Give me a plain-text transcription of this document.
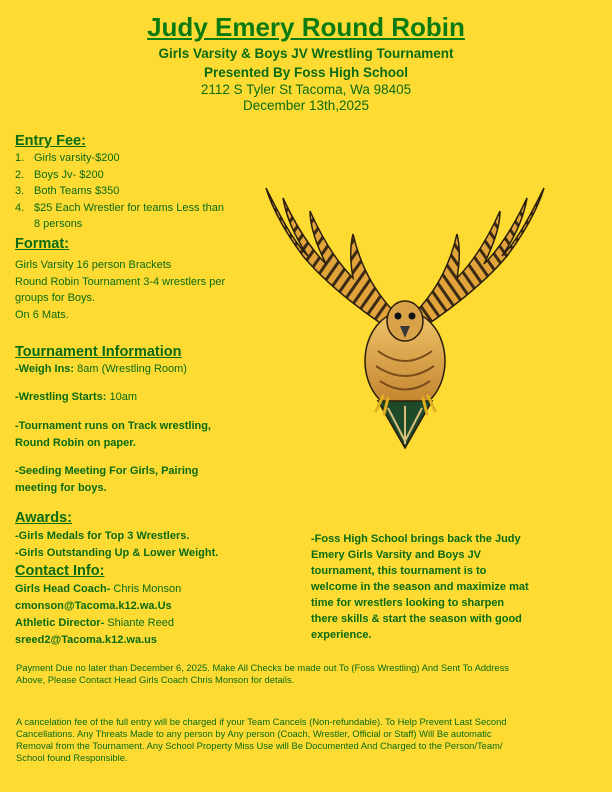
Judy Emery Round Robin
Girls Varsity & Boys JV Wrestling Tournament
Presented By Foss High School
2112 S Tyler St Tacoma, Wa 98405
December 13th,2025
Entry Fee:
1. Girls varsity-$200
2. Boys Jv- $200
3. Both Teams $350
4. $25 Each Wrestler for teams Less than
8 persons
Format:
Girls Varsity 16 person Brackets
Round Robin Tournament 3-4 wrestlers per
groups for Boys.
On 6 Mats.
Tournament Information
-Weigh Ins: 8am (Wrestling Room)
-Wrestling Starts: 10am
-Tournament runs on Track wrestling,
Round Robin on paper.
-Seeding Meeting For Girls, Pairing
meeting for boys.
Awards:
-Girls Medals for Top 3 Wrestlers.
-Girls Outstanding Up & Lower Weight.
Contact Info:
Girls Head Coach- Chris Monson
cmonson@Tacoma.k12.wa.Us
Athletic Director- Shiante Reed
sreed2@Tacoma.k12.wa.us
-Foss High School brings back the Judy
Emery Girls Varsity and Boys JV
tournament, this tournament is to
welcome in the season and maximize mat
time for wrestlers looking to sharpen
there skills & start the season with good
experience.
Payment Due no later than December 6, 2025. Make All Checks be made out To (Foss Wrestling) And Sent To Address
Above, Please Contact Head Girls Coach Chris Monson for details.
A cancelation fee of the full entry will be charged if your Team Cancels (Non-refundable). To Help Prevent Last Second
Cancellations. Any Threats Made to any person by Any person (Coach, Wrestler, Official or Staff) Will Be automatic
Removal from the Tournament. Any School Property Miss Use will Be Documented And Charged to the Person/Team/
School found Responsible.
